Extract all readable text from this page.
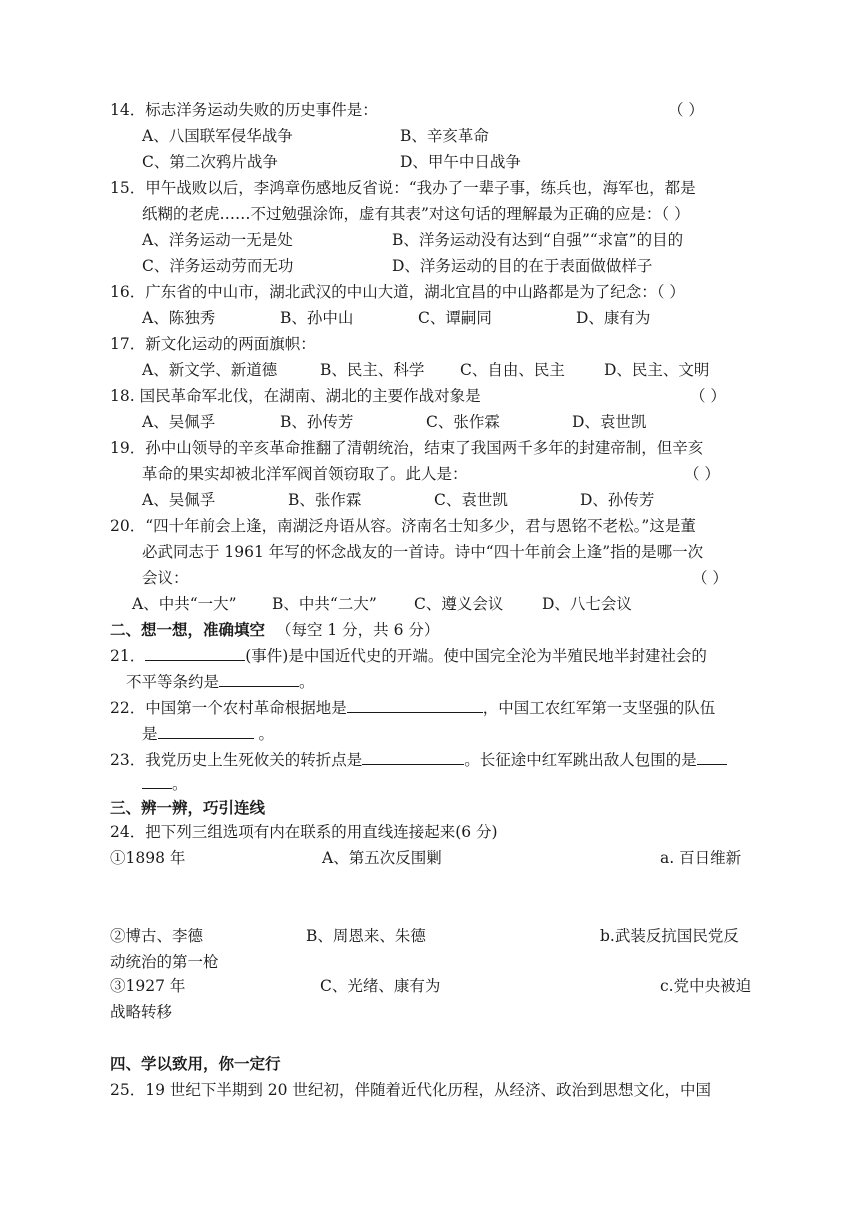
14．标志洋务运动失败的历史事件是：	（ ）
A、八国联军侵华战争	B、辛亥革命
C、第二次鸦片战争	D、甲午中日战争
15．甲午战败以后，李鸿章伤感地反省说：“我办了一辈子事，练兵也，海军也，都是
纸糊的老虎……不过勉强涂饰，虚有其表”对这句话的理解最为正确的应是：（ ）
A、洋务运动一无是处	B、洋务运动没有达到“自强”“求富”的目的
C、洋务运动劳而无功	D、洋务运动的目的在于表面做做样子
16．广东省的中山市，湖北武汉的中山大道，湖北宜昌的中山路都是为了纪念：（ ）
A、陈独秀	B、孙中山	C、谭嗣同	D、康有为
17．新文化运动的两面旗帜：
A、新文学、新道德	B、民主、科学 C、自由、民主	D、民主、文明
18. 国民革命军北伐，在湖南、湖北的主要作战对象是	（ ）
A、吴佩孚	B、孙传芳	C、张作霖	D、袁世凯
19．孙中山领导的辛亥革命推翻了清朝统治，结束了我国两千多年的封建帝制，但辛亥
革命的果实却被北洋军阀首领窃取了。此人是：	（ ）
A、吴佩孚	B、张作霖	C、袁世凯	D、孙传芳
20．“四十年前会上逢，南湖泛舟语从容。济南名士知多少，君与恩铭不老松。”这是董
必武同志于 1961 年写的怀念战友的一首诗。诗中“四十年前会上逢”指的是哪一次
会议：	（ ）
A、中共“一大” B、中共“二大” C、遵义会议 D、八七会议
二、想一想，准确填空 （每空 1 分，共 6 分）
21．	(事件)是中国近代史的开端。使中国完全沦为半殖民地半封建社会的
不平等条约是	。
22．中国第一个农村革命根据地是	，中国工农红军第一支坚强的队伍
是	。
23．我党历史上生死攸关的转折点是	。长征途中红军跳出敌人包围的是
。
三、辨一辨，巧引连线
24．把下列三组选项有内在联系的用直线连接起来(6 分)
①1898 年	A、第五次反围剿	a. 百日维新
②博古、李德	B、周恩来、朱德	b.武装反抗国民党反
动统治的第一枪
③1927 年	C、光绪、康有为	c.党中央被迫
战略转移
四、学以致用，你一定行
25．19 世纪下半期到 20 世纪初，伴随着近代化历程，从经济、政治到思想文化，中国
